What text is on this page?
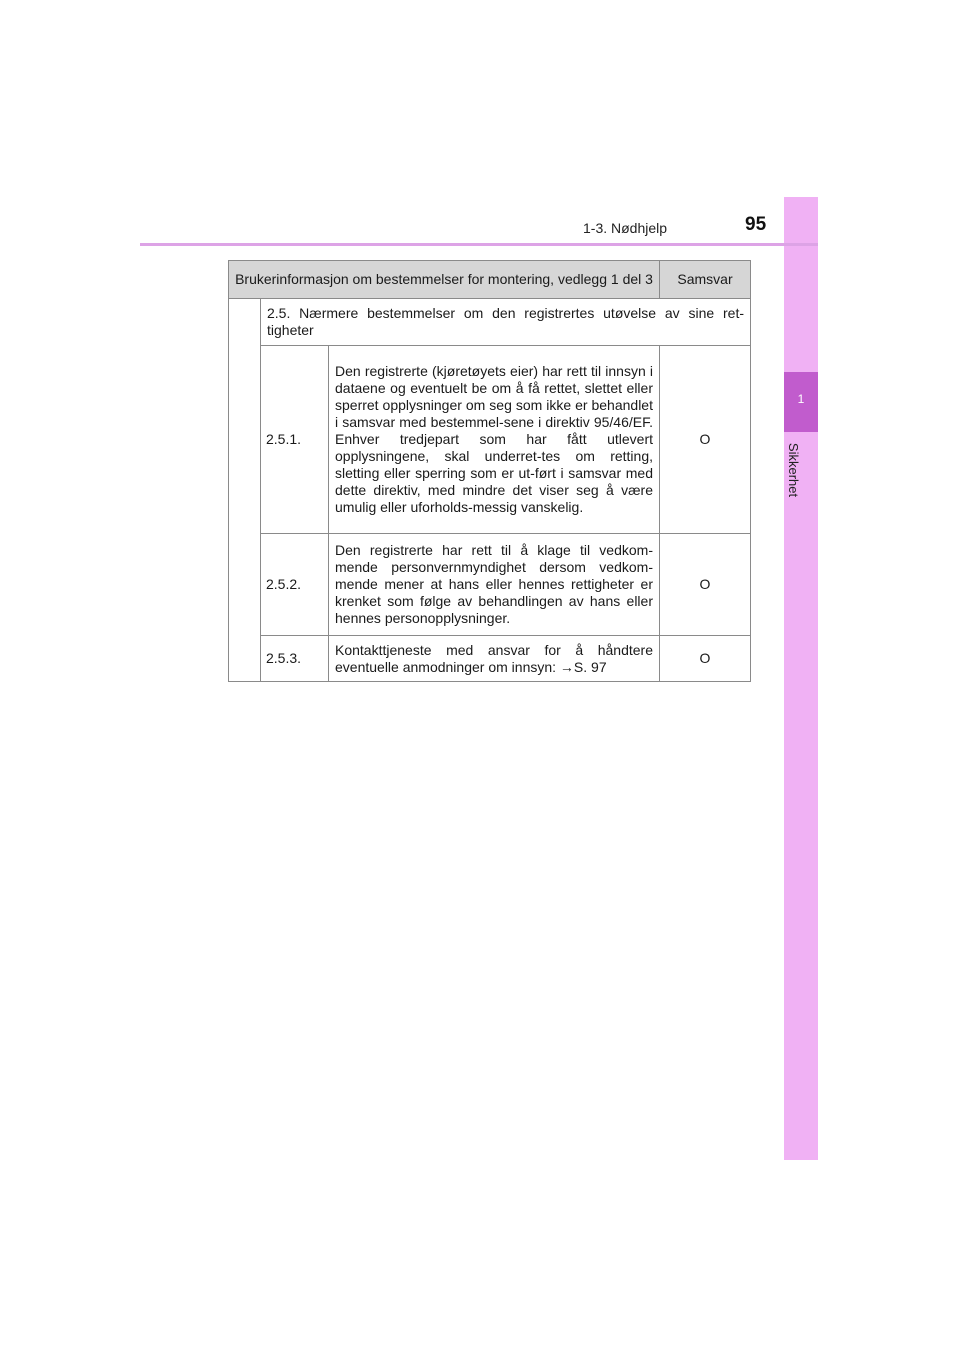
1
Sikkerhet
1-3. Nødhjelp	95
Brukerinformasjon om bestemmelser for montering, vedlegg 1 del 3			Samsvar
	2.5. Nærmere bestemmelser om den registrertes utøvelse av sine ret-tigheter		
	2.5.1.	Den registrerte (kjøretøyets eier) har rett til innsyn i dataene og eventuelt be om å få rettet, slettet eller sperret opplysninger om seg som ikke er behandlet i samsvar med bestemmel-sene i direktiv 95/46/EF. Enhver tredjepart som har fått utlevert opplysningene, skal underret-tes om retting, sletting eller sperring som er ut-ført i samsvar med dette direktiv, med mindre det viser seg å være umulig eller uforholds-messig vanskelig.	O
	2.5.2.	Den registrerte har rett til å klage til vedkom-mende personvernmyndighet dersom vedkom-mende mener at hans eller hennes rettigheter er krenket som følge av behandlingen av hans eller hennes personopplysninger.	O
	2.5.3.	Kontakttjeneste med ansvar for å håndtere eventuelle anmodninger om innsyn: →S. 97	O
